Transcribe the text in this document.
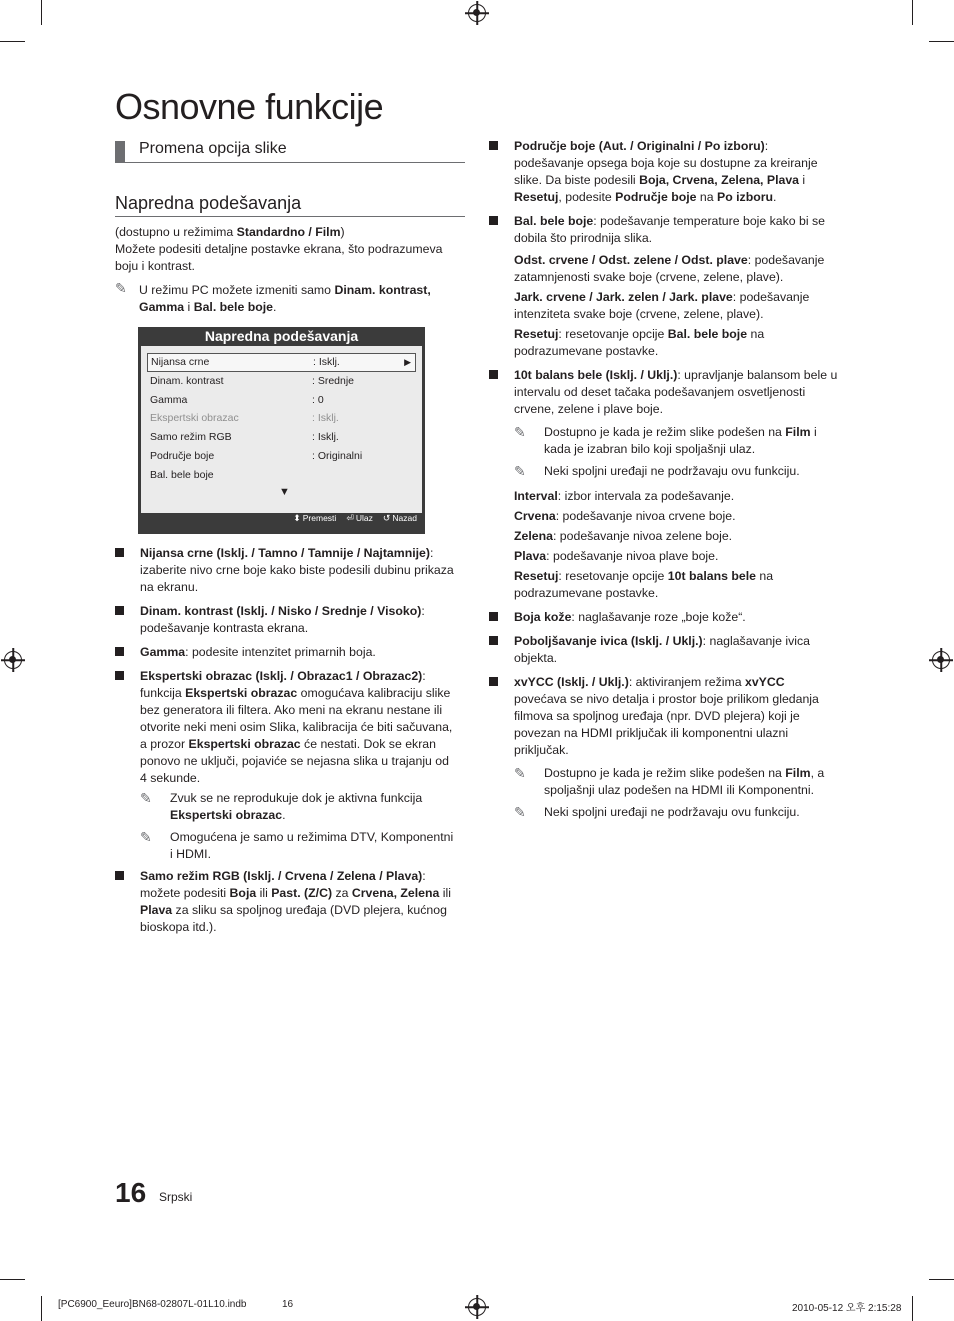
Osnovne funkcije
Promena opcija slike
Napredna podešavanja
(dostupno u režimima Standardno / Film)
Možete podesiti detaljne postavke ekrana, što podrazumeva boju i kontrast.
✎ U režimu PC možete izmeniti samo Dinam. kontrast, Gamma i Bal. bele boje.
Napredna podešavanja
Nijansa crne	: Isklj.	▶
Dinam. kontrast	: Srednje
Gamma	: 0
Ekspertski obrazac	: Isklj.
Samo režim RGB	: Isklj.
Područje boje	: Originalni
Bal. bele boje
▼
⬍ Premesti ⏎ Ulaz ↺ Nazad
Nijansa crne (Isklj. / Tamno / Tamnije / Najtamnije): izaberite nivo crne boje kako biste podesili dubinu prikaza na ekranu.
Dinam. kontrast (Isklj. / Nisko / Srednje / Visoko): podešavanje kontrasta ekrana.
Gamma: podesite intenzitet primarnih boja.
Ekspertski obrazac (Isklj. / Obrazac1 / Obrazac2): funkcija Ekspertski obrazac omogućava kalibraciju slike bez generatora ili filtera. Ako meni na ekranu nestane ili otvorite neki meni osim Slika, kalibracija će biti sačuvana, a prozor Ekspertski obrazac će nestati. Dok se ekran ponovo ne uključi, pojaviće se nejasna slika u trajanju od 4 sekunde.
✎ Zvuk se ne reprodukuje dok je aktivna funkcija Ekspertski obrazac.
✎ Omogućena je samo u režimima DTV, Komponentni i HDMI.
Samo režim RGB (Isklj. / Crvena / Zelena / Plava): možete podesiti Boja ili Past. (Z/C) za Crvena, Zelena ili Plava za sliku sa spoljnog uređaja (DVD plejera, kućnog bioskopa itd.).
Područje boje (Aut. / Originalni / Po izboru): podešavanje opsega boja koje su dostupne za kreiranje slike. Da biste podesili Boja, Crvena, Zelena, Plava i Resetuj, podesite Područje boje na Po izboru.
Bal. bele boje: podešavanje temperature boje kako bi se dobila što prirodnija slika.
Odst. crvene / Odst. zelene / Odst. plave: podešavanje zatamnjenosti svake boje (crvene, zelene, plave).
Jark. crvene / Jark. zelen / Jark. plave: podešavanje intenziteta svake boje (crvene, zelene, plave).
Resetuj: resetovanje opcije Bal. bele boje na podrazumevane postavke.
10t balans bele (Isklj. / Uklj.): upravljanje balansom bele u intervalu od deset tačaka podešavanjem osvetljenosti crvene, zelene i plave boje.
✎ Dostupno je kada je režim slike podešen na Film i kada je izabran bilo koji spoljašnji ulaz.
✎ Neki spoljni uređaji ne podržavaju ovu funkciju.
Interval: izbor intervala za podešavanje.
Crvena: podešavanje nivoa crvene boje.
Zelena: podešavanje nivoa zelene boje.
Plava: podešavanje nivoa plave boje.
Resetuj: resetovanje opcije 10t balans bele na podrazumevane postavke.
Boja kože: naglašavanje roze „boje kože“.
Poboljšavanje ivica (Isklj. / Uklj.): naglašavanje ivica objekta.
xvYCC (Isklj. / Uklj.): aktiviranjem režima xvYCC povećava se nivo detalja i prostor boje prilikom gledanja filmova sa spoljnog uređaja (npr. DVD plejera) koji je povezan na HDMI priključak ili komponentni ulazni priključak.
✎ Dostupno je kada je režim slike podešen na Film, a spoljašnji ulaz podešen na HDMI ili Komponentni.
✎ Neki spoljni uređaji ne podržavaju ovu funkciju.
16 Srpski
[PC6900_Eeuro]BN68-02807L-01L10.indb	16	2010-05-12 오후 2:15:28
